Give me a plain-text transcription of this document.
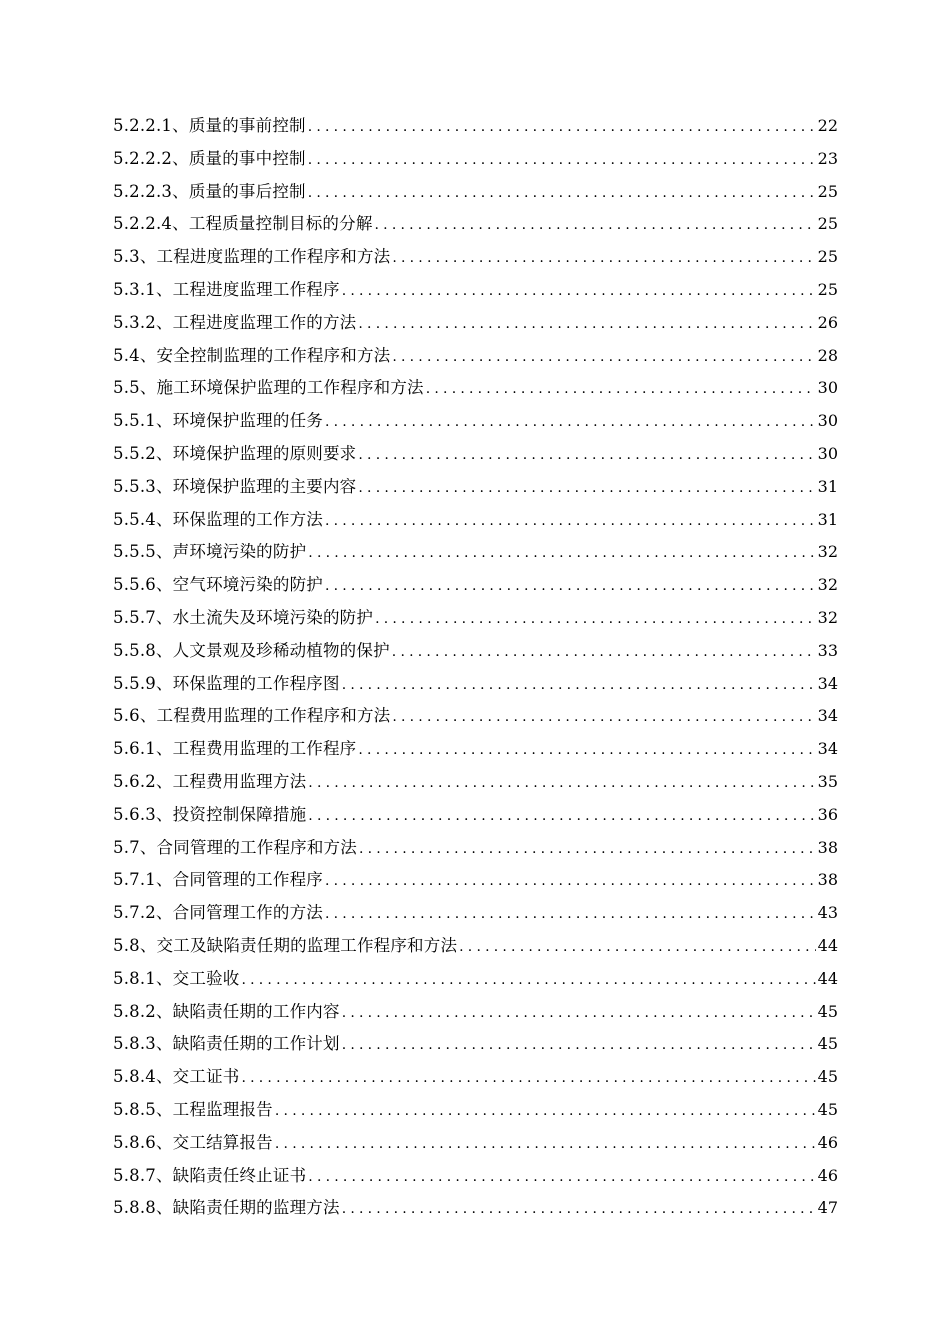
5.2.2.1、质量的事前控制 .....	22
5.2.2.2、质量的事中控制 .....	23
5.2.2.3、质量的事后控制 .....	25
5.2.2.4、工程质量控制目标的分解 .....	25
5.3、工程进度监理的工作程序和方法 .....	25
5.3.1、工程进度监理工作程序 .....	25
5.3.2、工程进度监理工作的方法 .....	26
5.4、安全控制监理的工作程序和方法 .....	28
5.5、施工环境保护监理的工作程序和方法 .....	30
5.5.1、环境保护监理的任务 .....	30
5.5.2、环境保护监理的原则要求 .....	30
5.5.3、环境保护监理的主要内容 .....	31
5.5.4、环保监理的工作方法 .....	31
5.5.5、声环境污染的防护 .....	32
5.5.6、空气环境污染的防护 .....	32
5.5.7、水土流失及环境污染的防护 .....	32
5.5.8、人文景观及珍稀动植物的保护 .....	33
5.5.9、环保监理的工作程序图 .....	34
5.6、工程费用监理的工作程序和方法 .....	34
5.6.1、工程费用监理的工作程序 .....	34
5.6.2、工程费用监理方法 .....	35
5.6.3、投资控制保障措施 .....	36
5.7、合同管理的工作程序和方法 .....	38
5.7.1、合同管理的工作程序 .....	38
5.7.2、合同管理工作的方法 .....	43
5.8、交工及缺陷责任期的监理工作程序和方法 .....	44
5.8.1、交工验收 .....	44
5.8.2、缺陷责任期的工作内容 .....	45
5.8.3、缺陷责任期的工作计划 .....	45
5.8.4、交工证书 .....	45
5.8.5、工程监理报告 .....	45
5.8.6、交工结算报告 .....	46
5.8.7、缺陷责任终止证书 .....	46
5.8.8、缺陷责任期的监理方法 .....	47
